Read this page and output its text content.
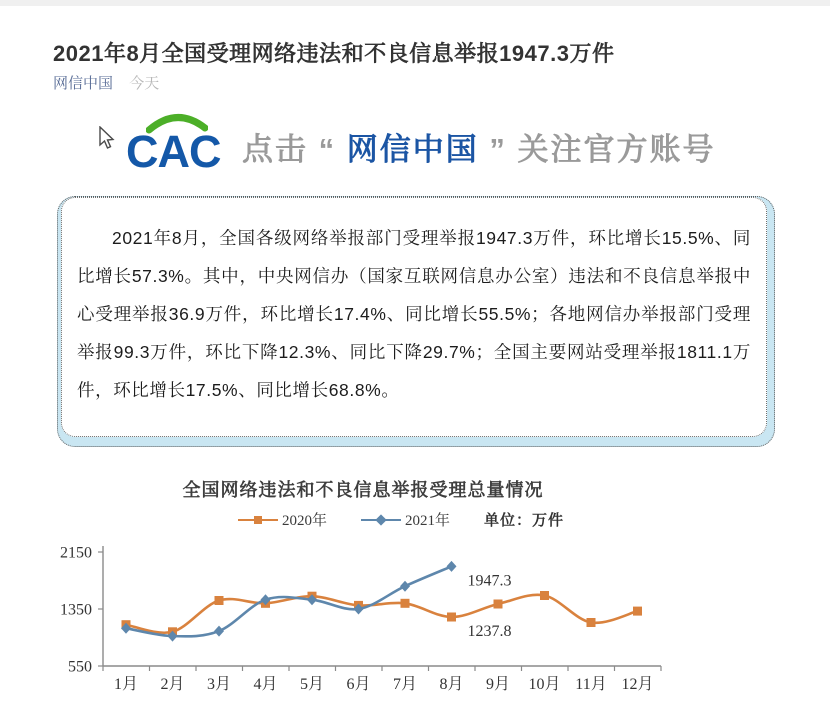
2021年8月全国受理网络违法和不良信息举报1947.3万件
网信中国 今天
CAC 点击 “ 网信中国 ” 关注官方账号

2021年8月，全国各级网络举报部门受理举报1947.3万件，环比增长15.5%、同比增长57.3%。其中，中央网信办（国家互联网信息办公室）违法和不良信息举报中心受理举报36.9万件，环比增长17.4%、同比增长55.5%；各地网信办举报部门受理举报99.3万件，环比下降12.3%、同比下降29.7%；全国主要网站受理举报1811.1万件，环比增长17.5%、同比增长68.8%。

全国网络违法和不良信息举报受理总量情况
2020年	2021年 单位：万件
2150
1350
550
1月 2月 3月 4月 5月 6月 7月 8月 9月 10月 11月 12月
1947.3
1237.8
